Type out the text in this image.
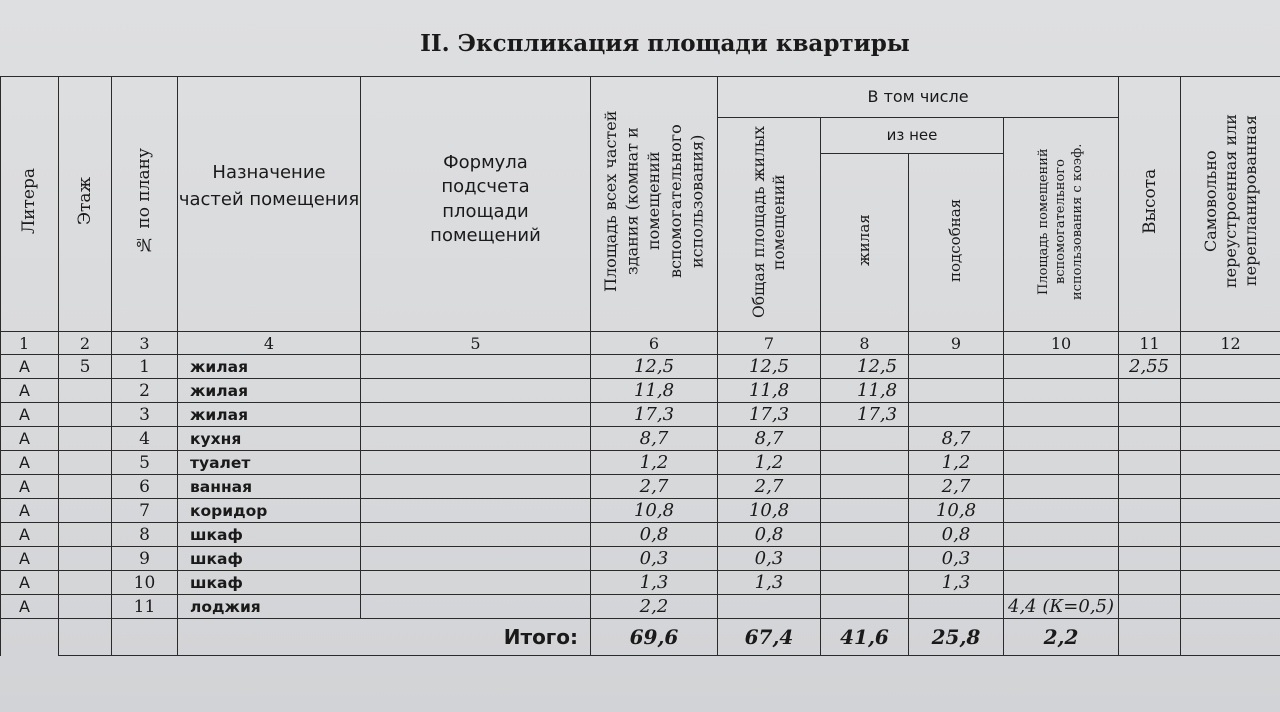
II. Экспликация площади квартиры
Литера	Этаж	№ по плану	Назначение частей помещения	Формула подсчета площади помещений	Площадь всех частей здания (комнат и помещений вспомогательного использования)	В том числе				Высота	Самовольно переустроенная или перепланированная
						Общая площадь жилых помещений	из нее		Площадь помещений вспомогательного использования с коэф.		
							жилая	подсобная			
1	2	3	4	5	6	7	8	9	10	11	12
А	5	1	жилая		12,5	12,5	12,5			2,55	
А		2	жилая		11,8	11,8	11,8				
А		3	жилая		17,3	17,3	17,3				
А		4	кухня		8,7	8,7		8,7			
А		5	туалет		1,2	1,2		1,2			
А		6	ванная		2,7	2,7		2,7			
А		7	коридор		10,8	10,8		10,8			
А		8	шкаф		0,8	0,8		0,8			
А		9	шкаф		0,3	0,3		0,3			
А		10	шкаф		1,3	1,3		1,3			
А		11	лоджия		2,2				4,4 (К=0,5)		
			Итого:		69,6	67,4	41,6	25,8	2,2		
